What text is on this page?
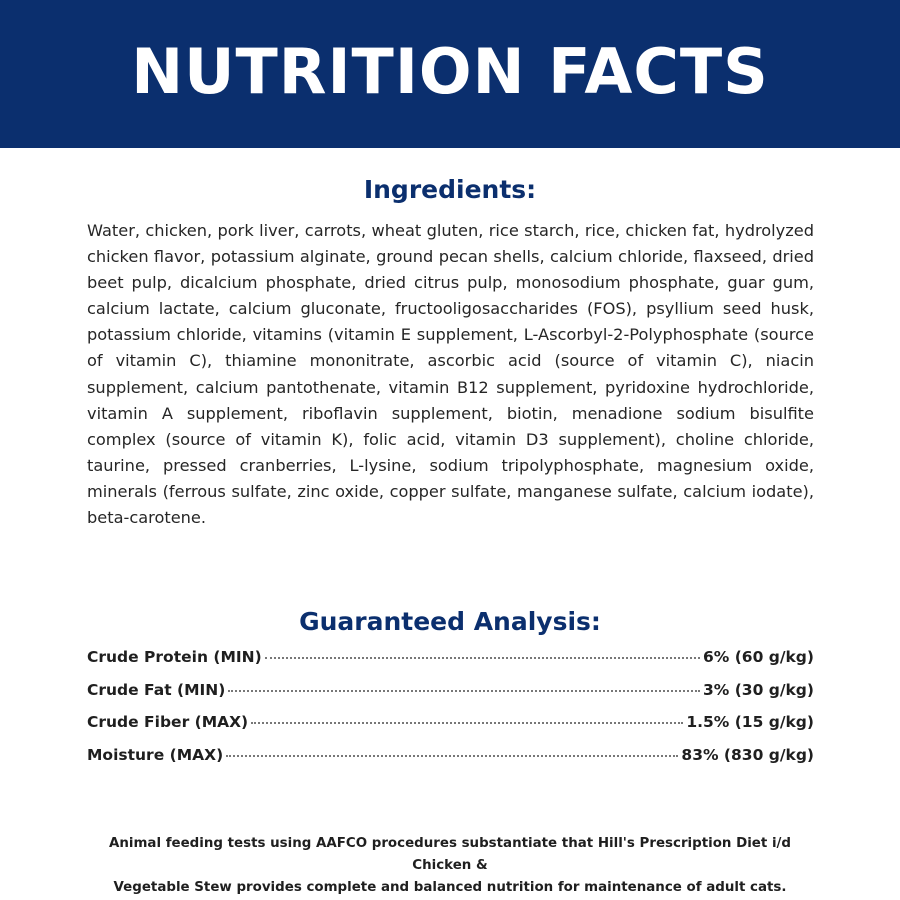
NUTRITION FACTS
Ingredients:
Water, chicken, pork liver, carrots, wheat gluten, rice starch, rice, chicken fat, hydrolyzed chicken flavor, potassium alginate, ground pecan shells, calcium chloride, flaxseed, dried beet pulp, dicalcium phosphate, dried citrus pulp, monosodium phosphate, guar gum, calcium lactate, calcium gluconate, fructooligosaccharides (FOS), psyllium seed husk, potassium chloride, vitamins (vitamin E supplement, L-Ascorbyl-2-Polyphosphate (source of vitamin C), thiamine mononitrate, ascorbic acid (source of vitamin C), niacin supplement, calcium pantothenate, vitamin B12 supplement, pyridoxine hydrochloride, vitamin A supplement, riboflavin supplement, biotin, menadione sodium bisulfite complex (source of vitamin K), folic acid, vitamin D3 supplement), choline chloride, taurine, pressed cranberries, L-lysine, sodium tripolyphosphate, magnesium oxide, minerals (ferrous sulfate, zinc oxide, copper sulfate, manganese sulfate, calcium iodate), beta-carotene.
Guaranteed Analysis:
Crude Protein (MIN)	6% (60 g/kg)
Crude Fat (MIN)	3% (30 g/kg)
Crude Fiber (MAX)	1.5% (15 g/kg)
Moisture (MAX)	83% (830 g/kg)
Animal feeding tests using AAFCO procedures substantiate that Hill's Prescription Diet i/d Chicken &
Vegetable Stew provides complete and balanced nutrition for maintenance of adult cats.
